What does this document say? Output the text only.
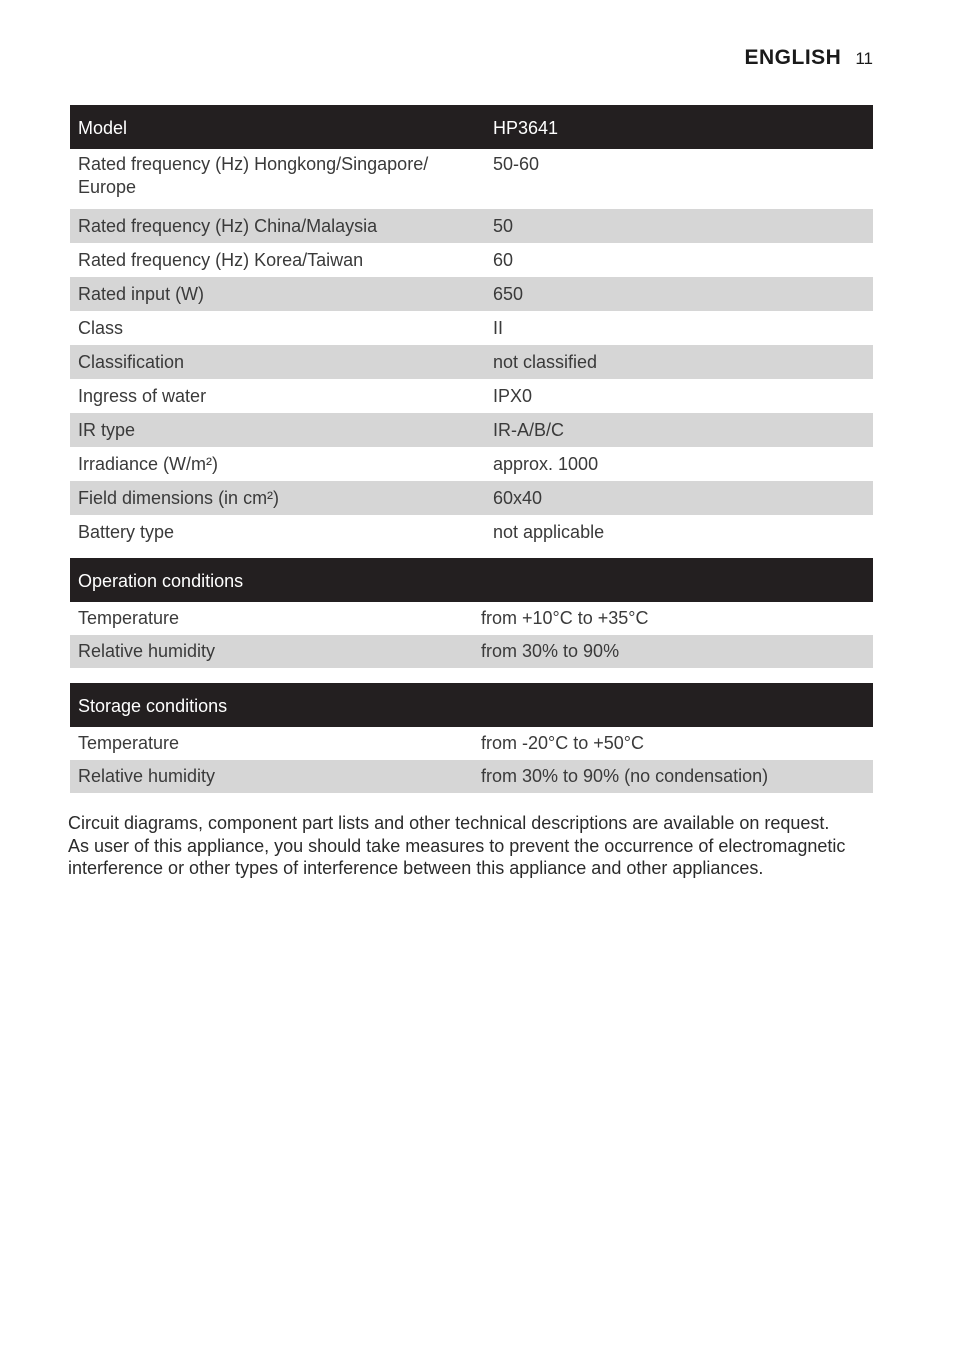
ENGLISH 11
Model	HP3641
Rated frequency (Hz) Hongkong/Singapore/ Europe	50-60
Rated frequency (Hz) China/Malaysia	50
Rated frequency (Hz) Korea/Taiwan	60
Rated input (W)	650
Class	II
Classification	not classified
Ingress of water	IPX0
IR type	IR-A/B/C
Irradiance (W/m²)	approx. 1000
Field dimensions (in cm²)	60x40
Battery type	not applicable
Operation conditions	
Temperature	from +10°C to +35°C
Relative humidity	from 30% to 90%
Storage conditions	
Temperature	from -20°C to +50°C
Relative humidity	from 30% to 90% (no condensation)

Circuit diagrams, component part lists and other technical descriptions are available on request.

As user of this appliance, you should take measures to prevent the occurrence of electromagnetic interference or other types of interference between this appliance and other appliances.
